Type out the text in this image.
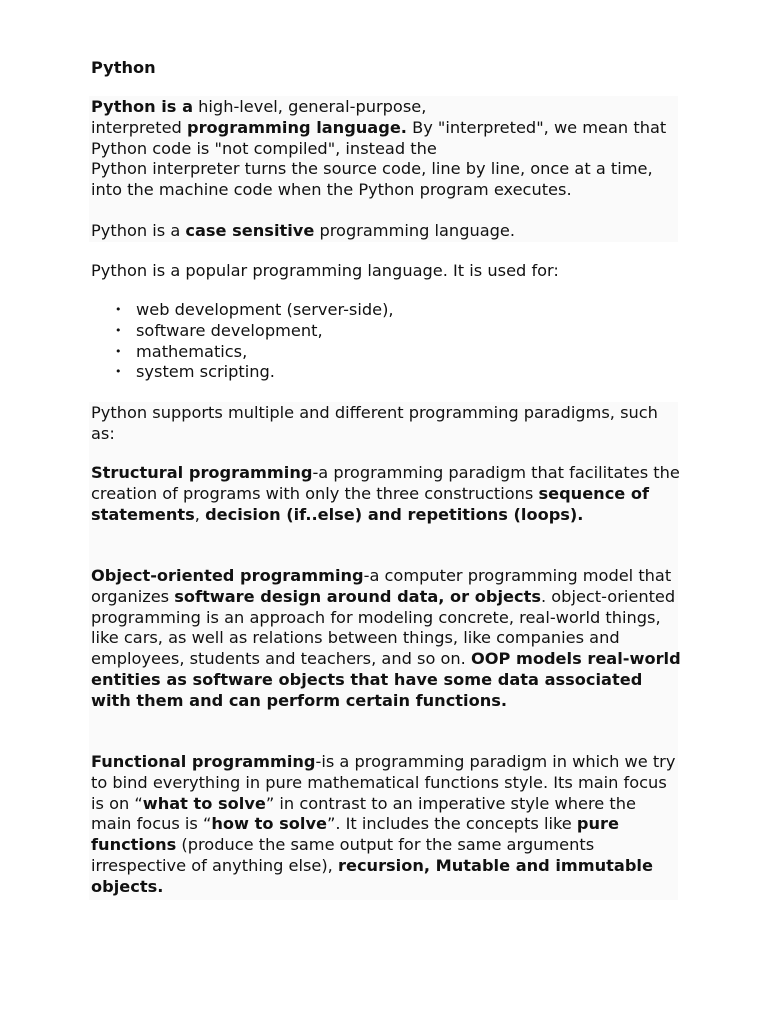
Python

Python is a high-level, general-purpose,
interpreted programming language. By "interpreted", we mean that Python code is "not compiled", instead the
Python interpreter turns the source code, line by line, once at a time, into the machine code when the Python program executes.

Python is a case sensitive programming language.

Python is a popular programming language. It is used for:

• web development (server-side),
• software development,
• mathematics,
• system scripting.

Python supports multiple and different programming paradigms, such as:

Structural programming-a programming paradigm that facilitates the creation of programs with only the three constructions sequence of statements, decision (if..else) and repetitions (loops).

Object-oriented programming-a computer programming model that organizes software design around data, or objects. object-oriented programming is an approach for modeling concrete, real-world things, like cars, as well as relations between things, like companies and employees, students and teachers, and so on. OOP models real-world entities as software objects that have some data associated with them and can perform certain functions.

Functional programming-is a programming paradigm in which we try to bind everything in pure mathematical functions style. Its main focus is on “what to solve” in contrast to an imperative style where the main focus is “how to solve”. It includes the concepts like pure functions (produce the same output for the same arguments irrespective of anything else), recursion, Mutable and immutable objects.
